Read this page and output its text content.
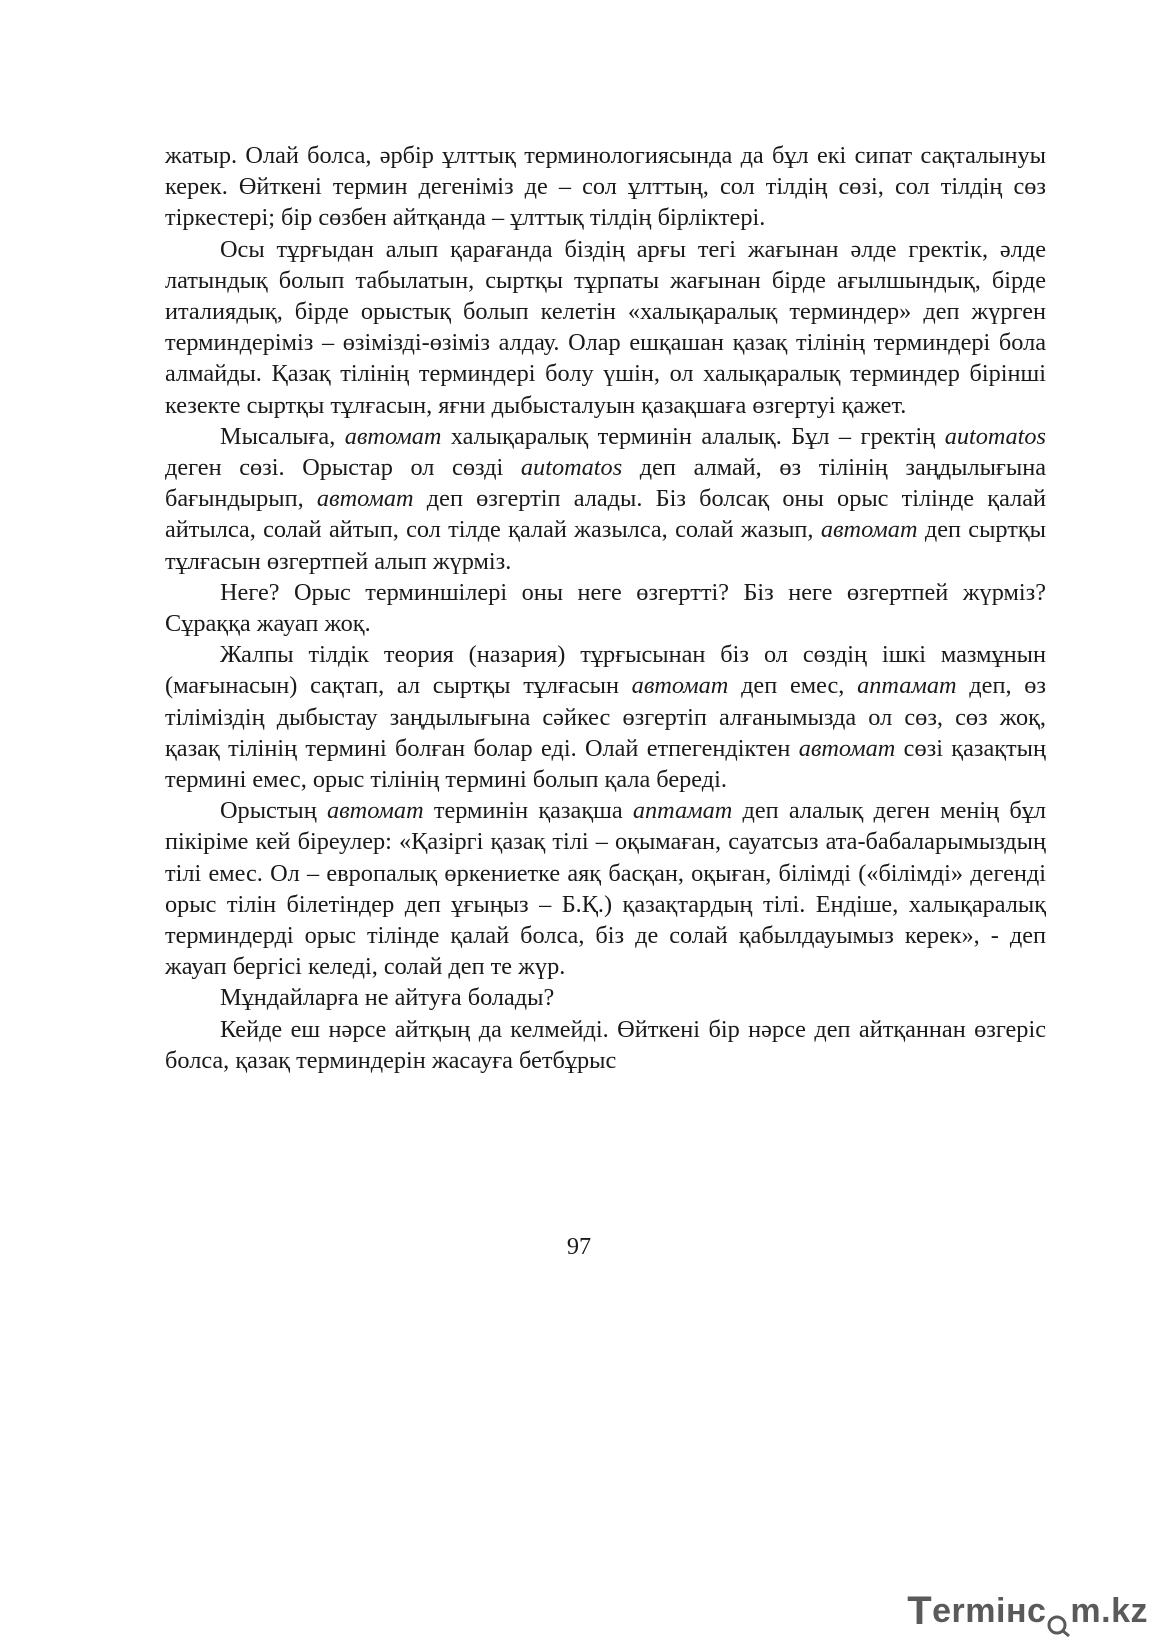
жатыр. Олай болса, әрбір ұлттық терминологиясында да бұл екі сипат сақталынуы керек. Өйткені термин дегеніміз де – сол ұлттың, сол тілдің сөзі, сол тілдің сөз тіркестері; бір сөзбен айтқанда – ұлттық тілдің бірліктері.

Осы тұрғыдан алып қарағанда біздің арғы тегі жағынан әлде гректік, әлде латындық болып табылатын, сыртқы тұрпаты жағынан бірде ағылшындық, бірде италиядық, бірде орыстық болып келетін «халықаралық терминдер» деп жүрген терминдеріміз – өзімізді-өзіміз алдау. Олар ешқашан қазақ тілінің терминдері бола алмайды. Қазақ тілінің терминдері болу үшін, ол халықаралық терминдер бірінші кезекте сыртқы тұлғасын, яғни дыбысталуын қазақшаға өзгертуі қажет.

Мысалыға, автомат халықаралық терминін алалық. Бұл – гректің automatos деген сөзі. Орыстар ол сөзді automatos деп алмай, өз тілінің заңдылығына бағындырып, автомат деп өзгертіп алады. Біз болсақ оны орыс тілінде қалай айтылса, солай айтып, сол тілде қалай жазылса, солай жазып, автомат деп сыртқы тұлғасын өзгертпей алып жүрміз.

Неге? Орыс терминшілері оны неге өзгертті? Біз неге өзгертпей жүрміз? Сұраққа жауап жоқ.

Жалпы тілдік теория (назария) тұрғысынан біз ол сөздің ішкі мазмұнын (мағынасын) сақтап, ал сыртқы тұлғасын автомат деп емес, аптамат деп, өз тіліміздің дыбыстау заңдылығына сәйкес өзгертіп алғанымызда ол сөз, сөз жоқ, қазақ тілінің термині болған болар еді. Олай етпегендіктен автомат сөзі қазақтың термині емес, орыс тілінің термині болып қала береді.

Орыстың автомат терминін қазақша аптамат деп алалық деген менің бұл пікіріме кей біреулер: «Қазіргі қазақ тілі – оқымаған, сауатсыз ата-бабаларымыздың тілі емес. Ол – европалық өркениетке аяқ басқан, оқыған, білімді («білімді» дегенді орыс тілін білетіндер деп ұғыңыз – Б.Қ.) қазақтардың тілі. Ендіше, халықаралық терминдерді орыс тілінде қалай болса, біз де солай қабылдауымыз керек», - деп жауап бергісі келеді, солай деп те жүр.

Мұндайларға не айтуға болады?

Кейде еш нәрсе айтқың да келмейді. Өйткені бір нәрсе деп айтқаннан өзгеріс болса, қазақ терминдерін жасауға бетбұрыс

97
T ermінc m.kz
